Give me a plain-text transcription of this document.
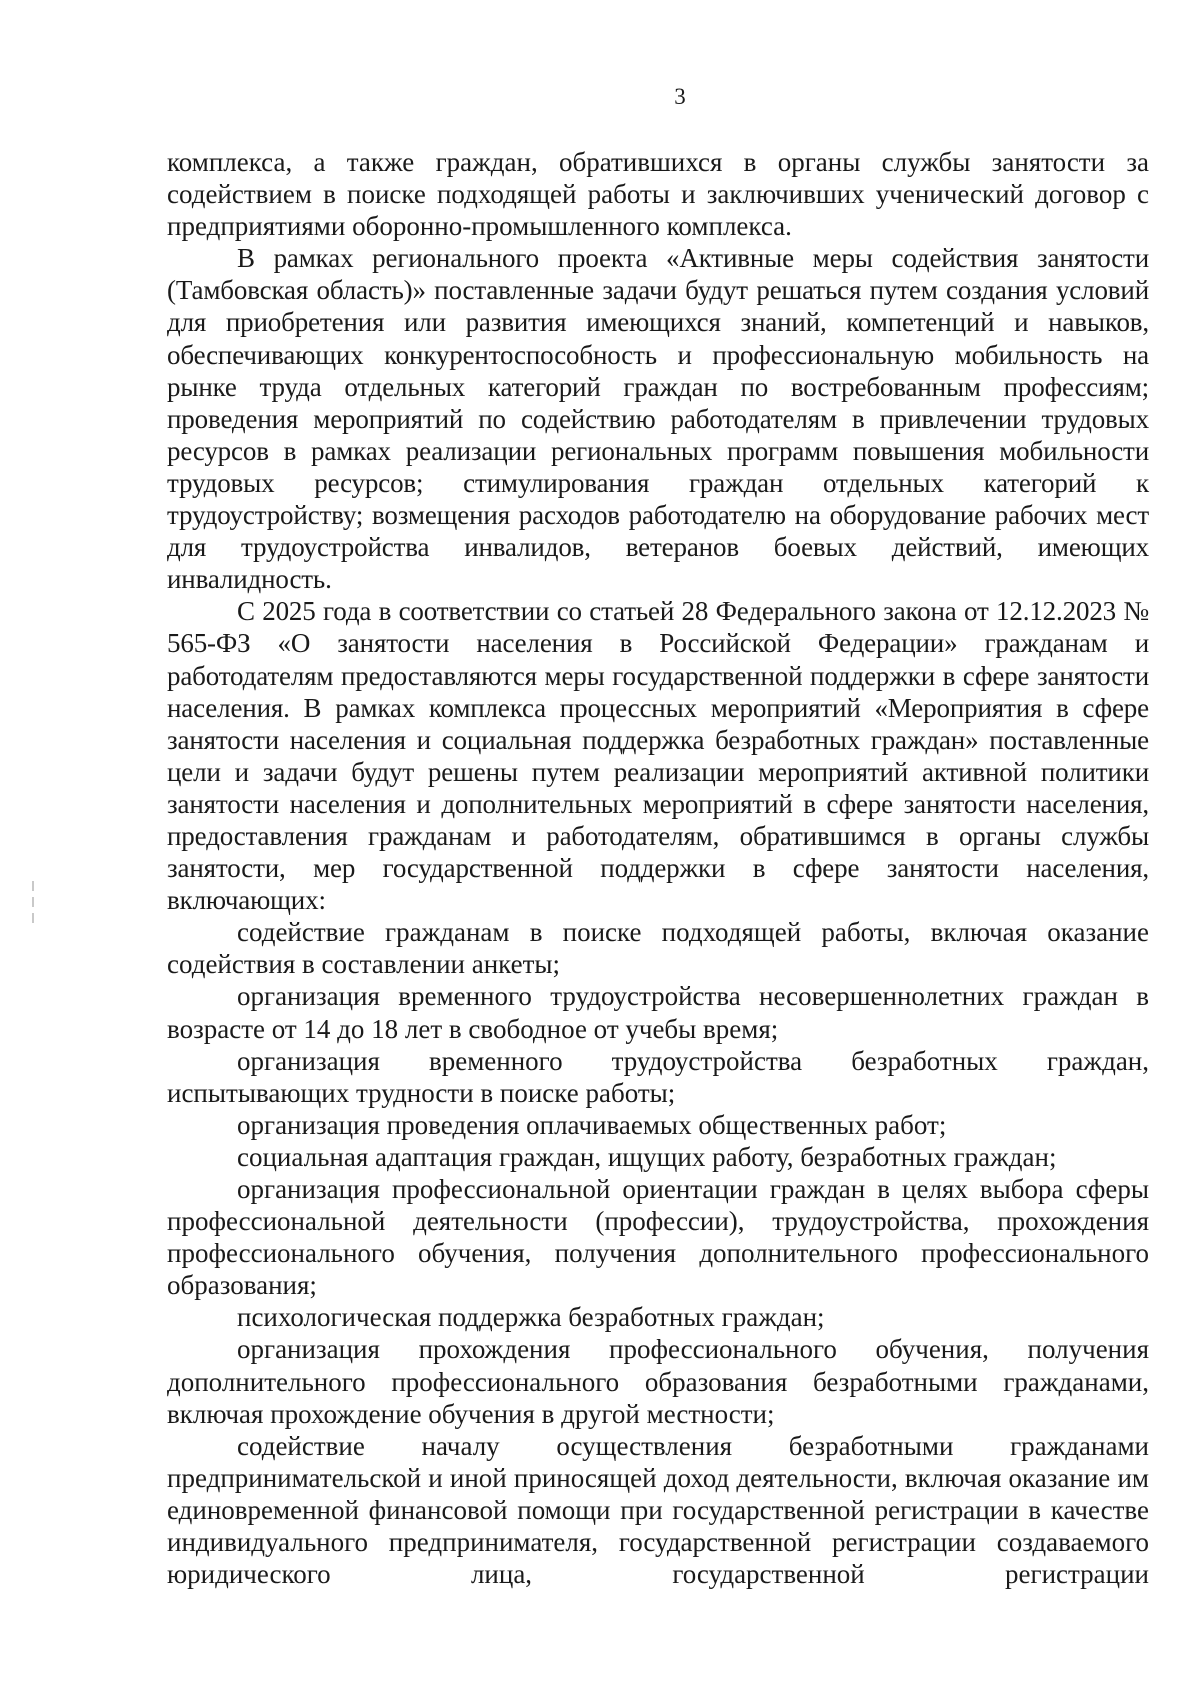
3

комплекса, а также граждан, обратившихся в органы службы занятости за содействием в поиске подходящей работы и заключивших ученический договор с предприятиями оборонно-промышленного комплекса.

В рамках регионального проекта «Активные меры содействия занятости (Тамбовская область)» поставленные задачи будут решаться путем создания условий для приобретения или развития имеющихся знаний, компетенций и навыков, обеспечивающих конкурентоспособность и профессиональную мобильность на рынке труда отдельных категорий граждан по востребованным профессиям; проведения мероприятий по содействию работодателям в привлечении трудовых ресурсов в рамках реализации региональных программ повышения мобильности трудовых ресурсов; стимулирования граждан отдельных категорий к трудоустройству; возмещения расходов работодателю на оборудование рабочих мест для трудоустройства инвалидов, ветеранов боевых действий, имеющих инвалидность.

С 2025 года в соответствии со статьей 28 Федерального закона от 12.12.2023 № 565-ФЗ «О занятости населения в Российской Федерации» гражданам и работодателям предоставляются меры государственной поддержки в сфере занятости населения. В рамках комплекса процессных мероприятий «Мероприятия в сфере занятости населения и социальная поддержка безработных граждан» поставленные цели и задачи будут решены путем реализации мероприятий активной политики занятости населения и дополнительных мероприятий в сфере занятости населения, предоставления гражданам и работодателям, обратившимся в органы службы занятости, мер государственной поддержки в сфере занятости населения, включающих:

содействие гражданам в поиске подходящей работы, включая оказание содействия в составлении анкеты;

организация временного трудоустройства несовершеннолетних граждан в возрасте от 14 до 18 лет в свободное от учебы время;

организация временного трудоустройства безработных граждан, испытывающих трудности в поиске работы;

организация проведения оплачиваемых общественных работ;

социальная адаптация граждан, ищущих работу, безработных граждан;

организация профессиональной ориентации граждан в целях выбора сферы профессиональной деятельности (профессии), трудоустройства, прохождения профессионального обучения, получения дополнительного профессионального образования;

психологическая поддержка безработных граждан;

организация прохождения профессионального обучения, получения дополнительного профессионального образования безработными гражданами, включая прохождение обучения в другой местности;

содействие началу осуществления безработными гражданами предпринимательской и иной приносящей доход деятельности, включая оказание им единовременной финансовой помощи при государственной регистрации в качестве индивидуального предпринимателя, государственной регистрации создаваемого юридического лица, государственной регистрации
